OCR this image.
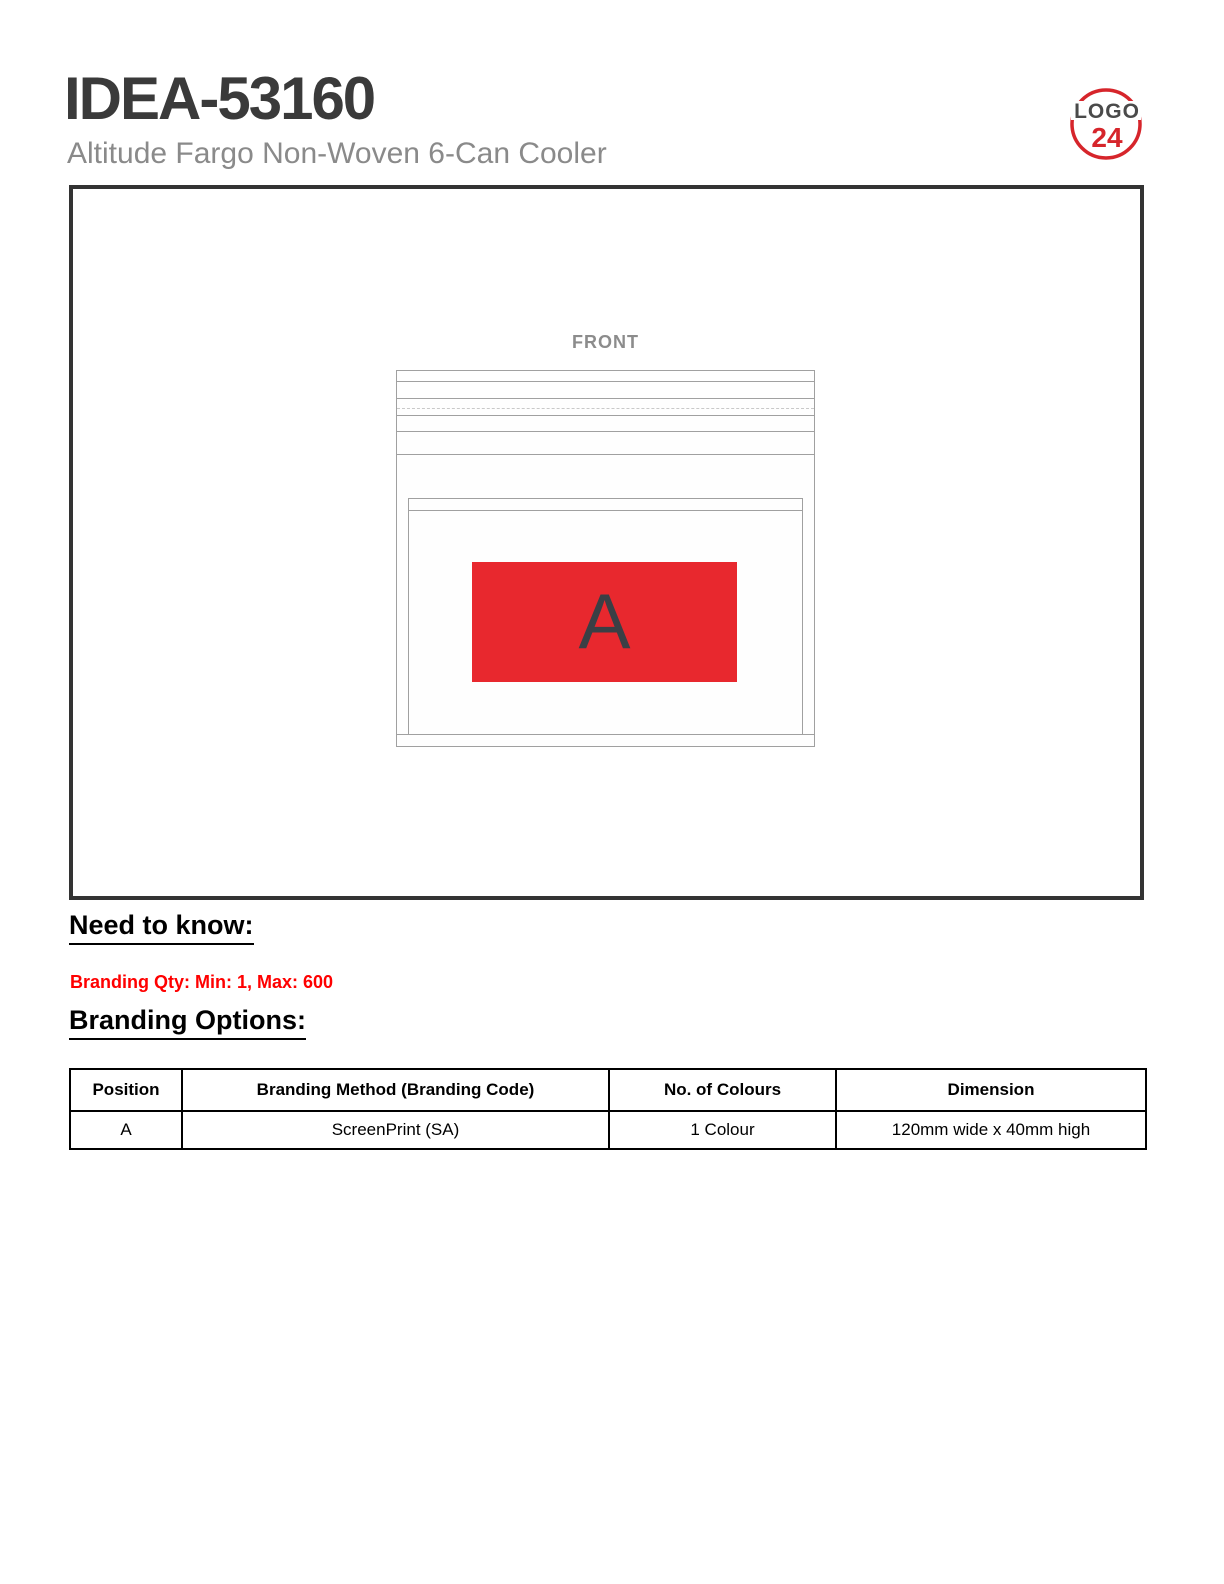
IDEA-53160
Altitude Fargo Non-Woven 6-Can Cooler
LOGO
24
FRONT
A
Need to know:
Branding Qty: Min: 1, Max: 600
Branding Options:
Position	Branding Method (Branding Code)	No. of Colours	Dimension
A	ScreenPrint (SA)	1 Colour	120mm wide x 40mm high
